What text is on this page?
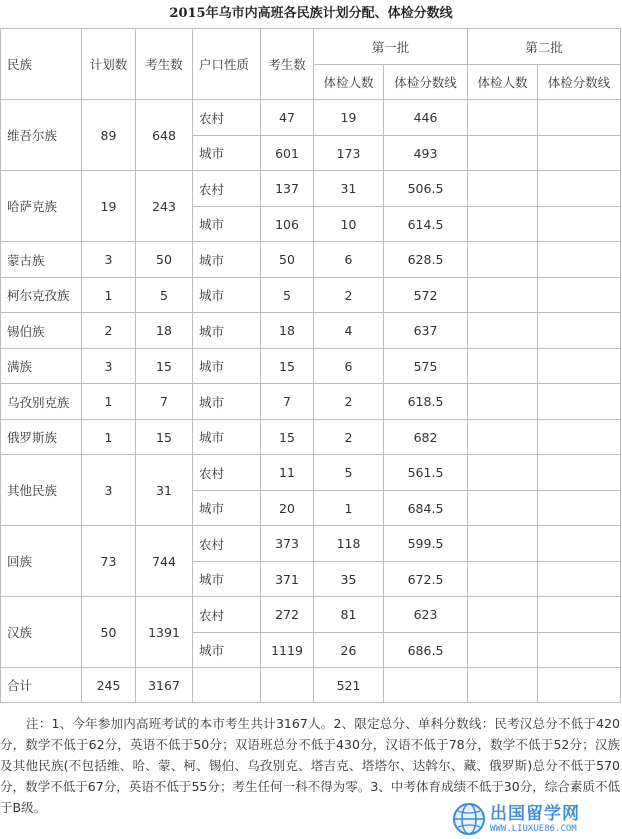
2015年乌市内高班各民族计划分配、体检分数线
民族	计划数	考生数	户口性质	考生数	第一批		第二批	
					体检人数	体检分数线	体检人数	体检分数线
维吾尔族	89	648	农村	47	19	446		
			城市	601	173	493		
哈萨克族	19	243	农村	137	31	506.5		
			城市	106	10	614.5		
蒙古族	3	50	城市	50	6	628.5		
柯尔克孜族	1	5	城市	5	2	572		
锡伯族	2	18	城市	18	4	637		
满族	3	15	城市	15	6	575		
乌孜别克族	1	7	城市	7	2	618.5		
俄罗斯族	1	15	城市	15	2	682		
其他民族	3	31	农村	11	5	561.5		
			城市	20	1	684.5		
回族	73	744	农村	373	118	599.5		
			城市	371	35	672.5		
汉族	50	1391	农村	272	81	623		
			城市	1119	26	686.5		
合计	245	3167			521			
注：1、今年参加内高班考试的本市考生共计3167人。2、限定总分、单科分数线：民考汉总分不低于420分，数学不低于62分，英语不低于50分；双语班总分不低于430分，汉语不低于78分，数学不低于52分；汉族及其他民族(不包括维、哈、蒙、柯、锡伯、乌孜别克、塔吉克、塔塔尔、达斡尔、藏、俄罗斯)总分不低于570分，数学不低于67分，英语不低于55分；考生任何一科不得为零。3、中考体育成绩不低于30分，综合素质不低于B级。	出国留学网
WWW.LIUXUE86.COM
